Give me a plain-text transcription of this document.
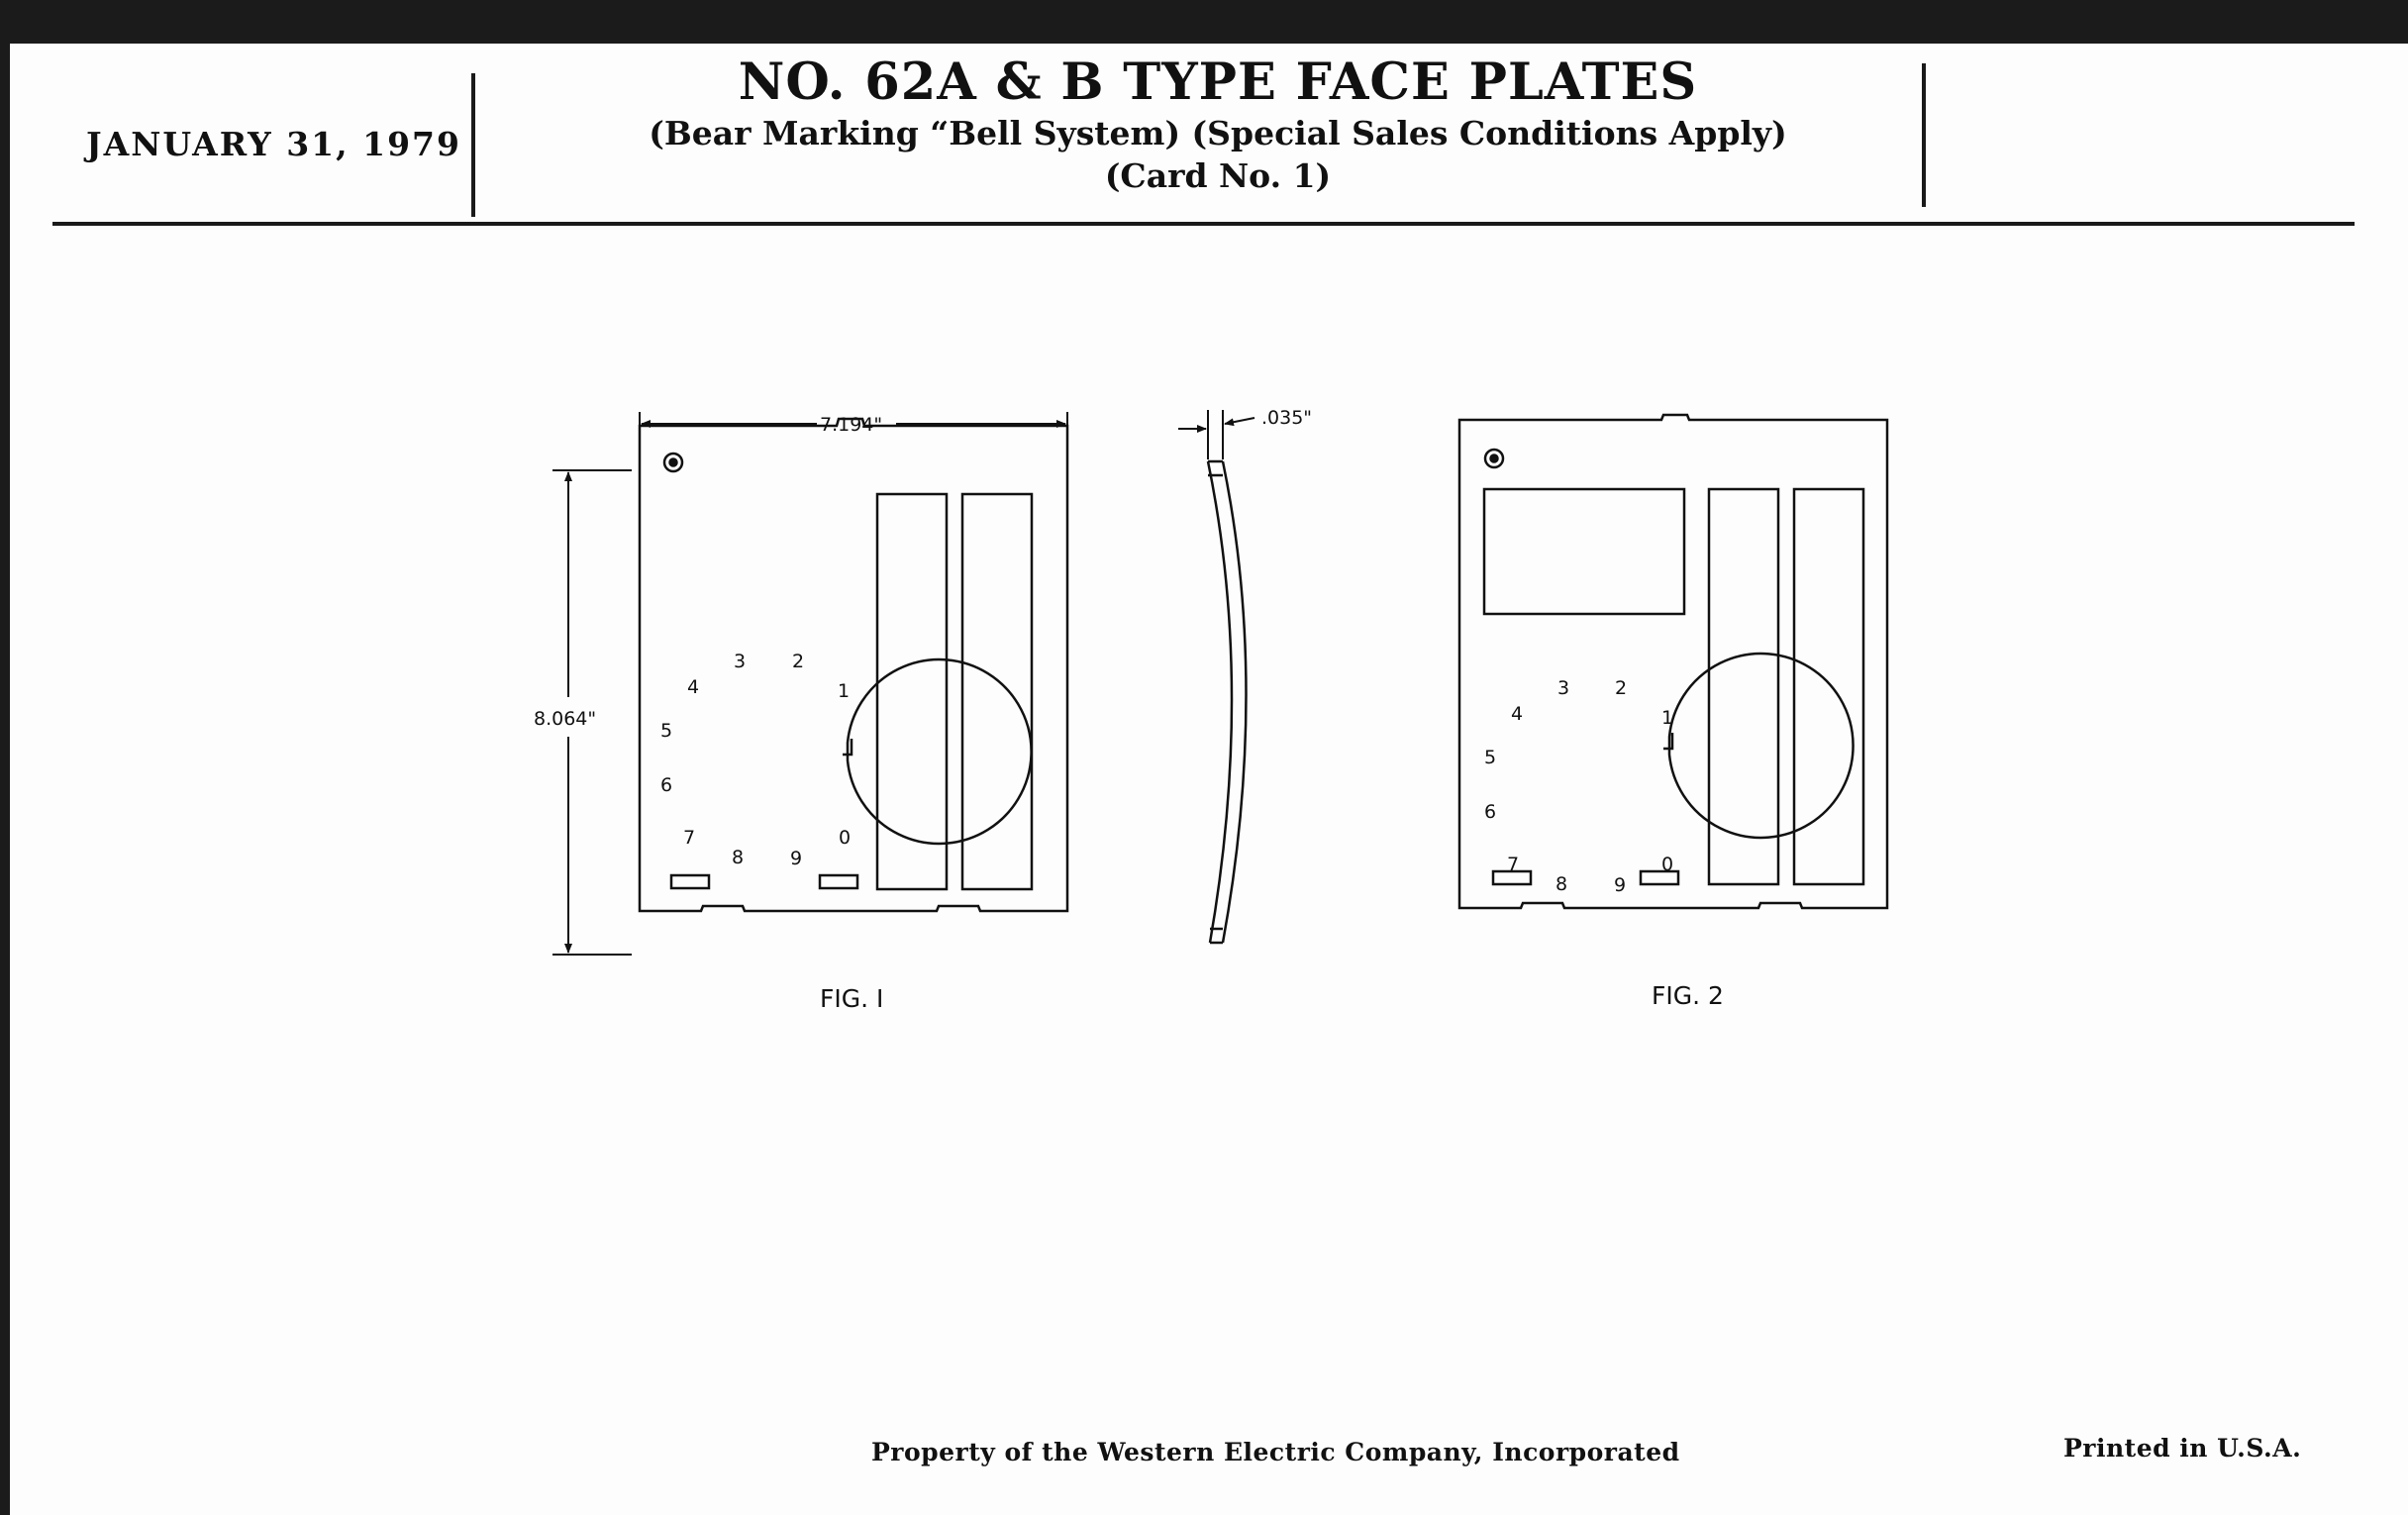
JANUARY 31, 1979
NO. 62A & B TYPE FACE PLATES
(Bear Marking “Bell System) (Special Sales Conditions Apply)
(Card No. 1)
1
2
3
4
5
6
7
8 9
0
7.194"
8.064"
FIG. I
.035"
1
2
3
4
5
6
7
8 9
0
FIG. 2
Property of the Western Electric Company, Incorporated	Printed in U.S.A.
